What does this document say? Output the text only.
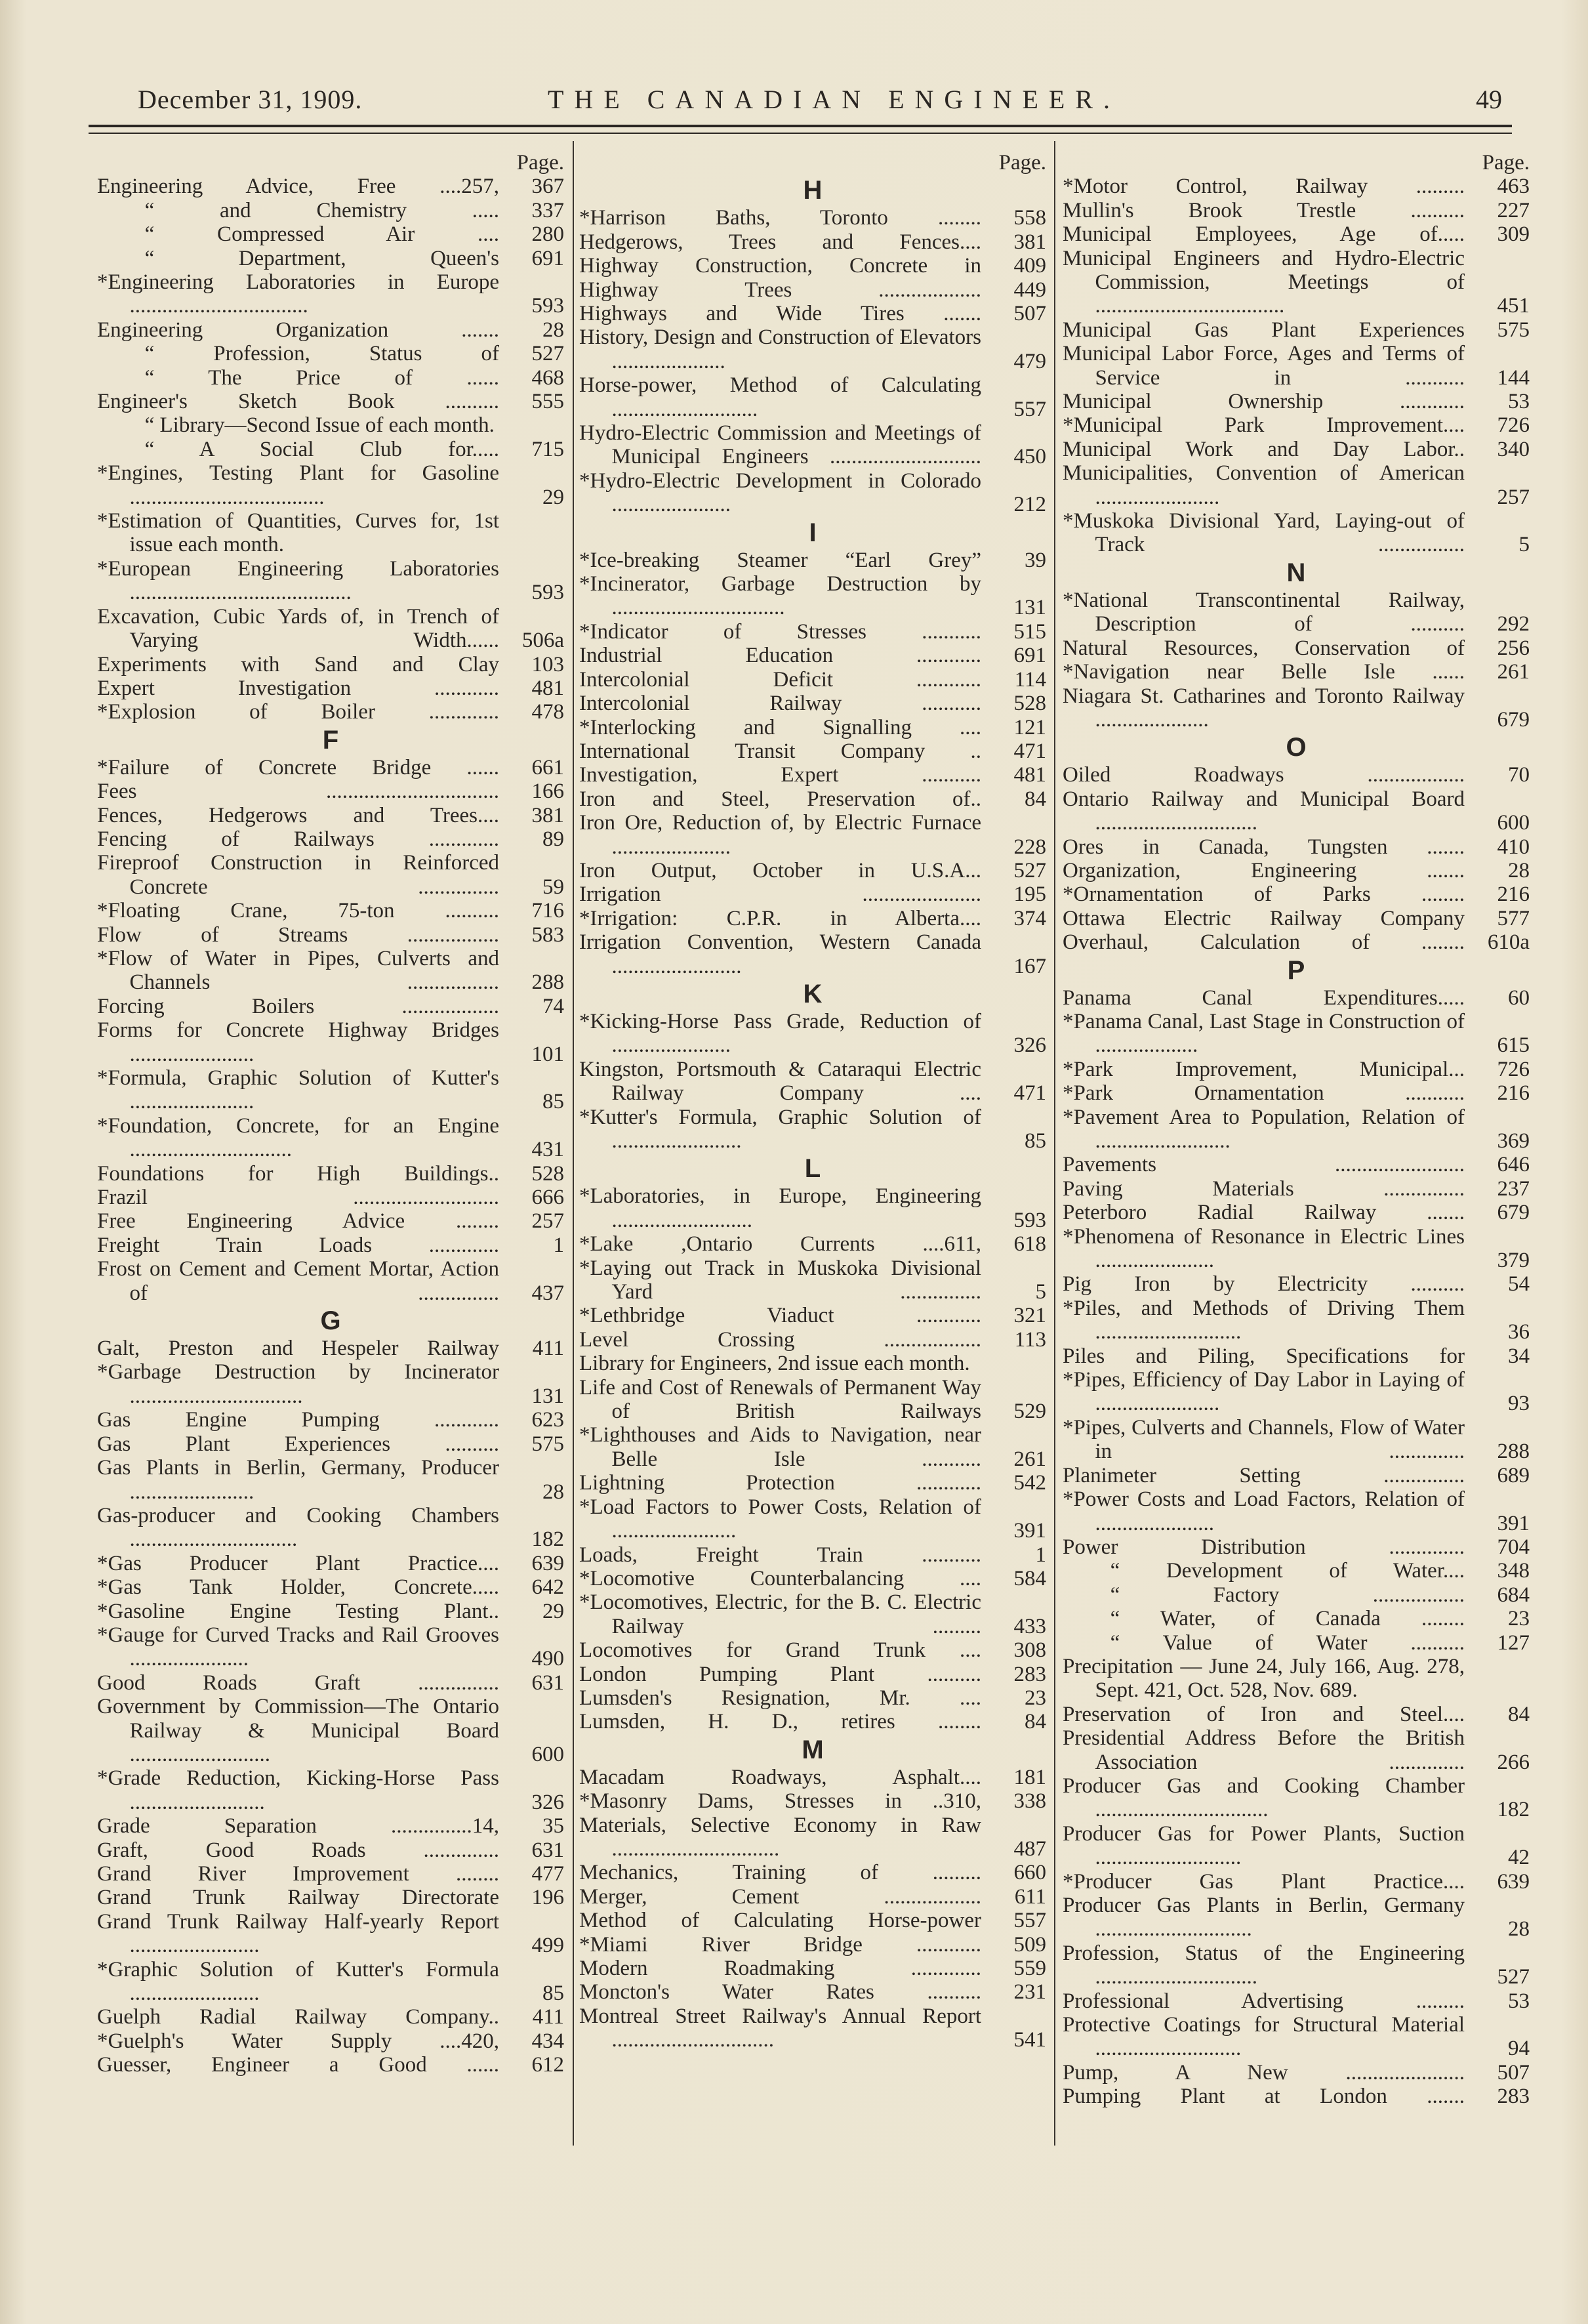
December 31, 1909.	THE CANADIAN ENGINEER.	49
Page.
Engineering Advice, Free ....257,	367
“ and Chemistry .....	337
“ Compressed Air ....	280
“ Department, Queen's	691
*Engineering Laboratories in Europe .................................	593
Engineering Organization .......	28
“ Profession, Status of	527
“ The Price of ......	468
Engineer's Sketch Book ..........	555
“ Library—Second Issue of each month.
“ A Social Club for.....	715
*Engines, Testing Plant for Gasoline ....................................	29
*Estimation of Quantities, Curves for, 1st issue each month.
*European Engineering Laboratories .........................................	593
Excavation, Cubic Yards of, in Trench of Varying Width......	506a
Experiments with Sand and Clay	103
Expert Investigation ............	481
*Explosion of Boiler .............	478
F
*Failure of Concrete Bridge ......	661
Fees ................................	166
Fences, Hedgerows and Trees....	381
Fencing of Railways .............	89
Fireproof Construction in Reinforced Concrete ...............	59
*Floating Crane, 75-ton ..........	716
Flow of Streams .................	583
*Flow of Water in Pipes, Culverts and Channels .................	288
Forcing Boilers ..................	74
Forms for Concrete Highway Bridges .......................	101
*Formula, Graphic Solution of Kutter's .......................	85
*Foundation, Concrete, for an Engine ..............................	431
Foundations for High Buildings..	528
Frazil ...........................	666
Free Engineering Advice ........	257
Freight Train Loads .............	1
Frost on Cement and Cement Mortar, Action of ...............	437
G
Galt, Preston and Hespeler Railway	411
*Garbage Destruction by Incinerator ................................	131
Gas Engine Pumping ............	623
Gas Plant Experiences ..........	575
Gas Plants in Berlin, Germany, Producer .......................	28
Gas-producer and Cooking Chambers ...............................	182
*Gas Producer Plant Practice....	639
*Gas Tank Holder, Concrete.....	642
*Gasoline Engine Testing Plant..	29
*Gauge for Curved Tracks and Rail Grooves ......................	490
Good Roads Graft ...............	631
Government by Commission—The Ontario Railway & Municipal Board ..........................	600
*Grade Reduction, Kicking-Horse Pass .........................	326
Grade Separation ...............14,	35
Graft, Good Roads ..............	631
Grand River Improvement ........	477
Grand Trunk Railway Directorate	196
Grand Trunk Railway Half-yearly Report ........................	499
*Graphic Solution of Kutter's Formula ........................	85
Guelph Radial Railway Company..	411
*Guelph's Water Supply ....420,	434
Guesser, Engineer a Good ......	612
Page.
H
*Harrison Baths, Toronto ........	558
Hedgerows, Trees and Fences....	381
Highway Construction, Concrete in	409
Highway Trees ...................	449
Highways and Wide Tires .......	507
History, Design and Construction of Elevators .....................	479
Horse-power, Method of Calculating ...........................	557
Hydro-Electric Commission and Meetings of Municipal Engineers ............................	450
*Hydro-Electric Development in Colorado ......................	212
I
*Ice-breaking Steamer “Earl Grey”	39
*Incinerator, Garbage Destruction by ................................	131
*Indicator of Stresses ...........	515
Industrial Education ............	691
Intercolonial Deficit ............	114
Intercolonial Railway ...........	528
*Interlocking and Signalling ....	121
International Transit Company ..	471
Investigation, Expert ...........	481
Iron and Steel, Preservation of..	84
Iron Ore, Reduction of, by Electric Furnace ......................	228
Iron Output, October in U.S.A...	527
Irrigation ......................	195
*Irrigation: C.P.R. in Alberta....	374
Irrigation Convention, Western Canada ........................	167
K
*Kicking-Horse Pass Grade, Reduction of ......................	326
Kingston, Portsmouth & Cataraqui Electric Railway Company ....	471
*Kutter's Formula, Graphic Solution of ........................	85
L
*Laboratories, in Europe, Engineering ..........................	593
*Lake ,Ontario Currents ....611,	618
*Laying out Track in Muskoka Divisional Yard ...............	5
*Lethbridge Viaduct ............	321
Level Crossing ..................	113
Library for Engineers, 2nd issue each month.
Life and Cost of Renewals of Permanent Way of British Railways	529
*Lighthouses and Aids to Navigation, near Belle Isle ...........	261
Lightning Protection ............	542
*Load Factors to Power Costs, Relation of .......................	391
Loads, Freight Train ...........	1
*Locomotive Counterbalancing ....	584
*Locomotives, Electric, for the B. C. Electric Railway .........	433
Locomotives for Grand Trunk ....	308
London Pumping Plant ..........	283
Lumsden's Resignation, Mr. ....	23
Lumsden, H. D., retires ........	84
M
Macadam Roadways, Asphalt....	181
*Masonry Dams, Stresses in ..310,	338
Materials, Selective Economy in Raw ...............................	487
Mechanics, Training of .........	660
Merger, Cement ..................	611
Method of Calculating Horse-power	557
*Miami River Bridge ............	509
Modern Roadmaking .............	559
Moncton's Water Rates ..........	231
Montreal Street Railway's Annual Report ..............................	541
Page.
*Motor Control, Railway .........	463
Mullin's Brook Trestle ..........	227
Municipal Employees, Age of.....	309
Municipal Engineers and Hydro-Electric Commission, Meetings of ...................................	451
Municipal Gas Plant Experiences	575
Municipal Labor Force, Ages and Terms of Service in ...........	144
Municipal Ownership ............	53
*Municipal Park Improvement....	726
Municipal Work and Day Labor..	340
Municipalities, Convention of American .......................	257
*Muskoka Divisional Yard, Laying-out of Track ................	5
N
*National Transcontinental Railway, Description of ..........	292
Natural Resources, Conservation of	256
*Navigation near Belle Isle ......	261
Niagara St. Catharines and Toronto Railway .....................	679
O
Oiled Roadways ..................	70
Ontario Railway and Municipal Board ..............................	600
Ores in Canada, Tungsten .......	410
Organization, Engineering .......	28
*Ornamentation of Parks ........	216
Ottawa Electric Railway Company	577
Overhaul, Calculation of ........	610a
P
Panama Canal Expenditures.....	60
*Panama Canal, Last Stage in Construction of ...................	615
*Park Improvement, Municipal...	726
*Park Ornamentation ...........	216
*Pavement Area to Population, Relation of .........................	369
Pavements ........................	646
Paving Materials ...............	237
Peterboro Radial Railway .......	679
*Phenomena of Resonance in Electric Lines ......................	379
Pig Iron by Electricity ..........	54
*Piles, and Methods of Driving Them ...........................	36
Piles and Piling, Specifications for	34
*Pipes, Efficiency of Day Labor in Laying of .......................	93
*Pipes, Culverts and Channels, Flow of Water in ..............	288
Planimeter Setting ...............	689
*Power Costs and Load Factors, Relation of ......................	391
Power Distribution ..............	704
“ Development of Water....	348
“ Factory .................	684
“ Water, of Canada ........	23
“ Value of Water ..........	127
Precipitation — June 24, July 166, Aug. 278, Sept. 421, Oct. 528, Nov. 689.
Preservation of Iron and Steel....	84
Presidential Address Before the British Association ..............	266
Producer Gas and Cooking Chamber ................................	182
Producer Gas for Power Plants, Suction ...........................	42
*Producer Gas Plant Practice....	639
Producer Gas Plants in Berlin, Germany .............................	28
Profession, Status of the Engineering ..............................	527
Professional Advertising .........	53
Protective Coatings for Structural Material ...........................	94
Pump, A New ......................	507
Pumping Plant at London .......	283
